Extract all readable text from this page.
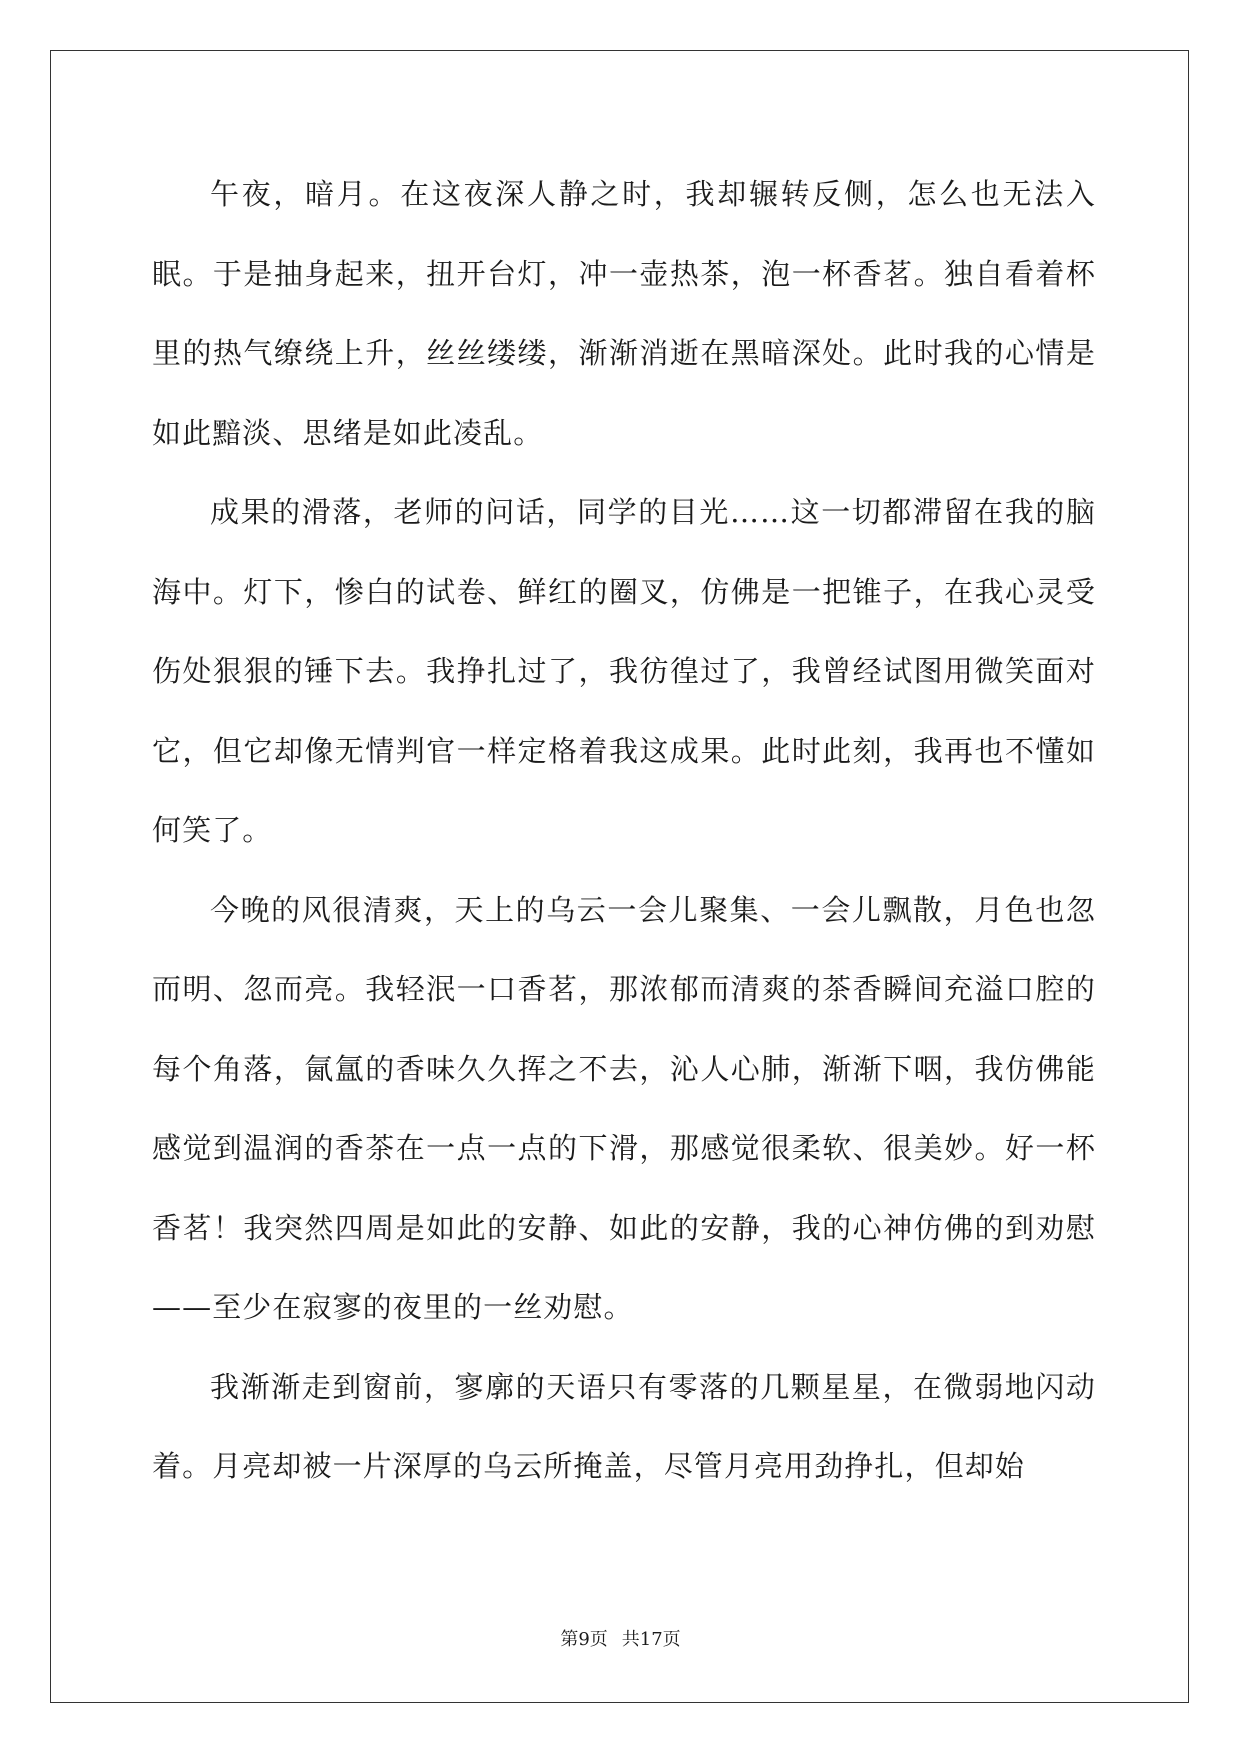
午夜，暗月。在这夜深人静之时，我却辗转反侧，怎么也无法入眠。于是抽身起来，扭开台灯，冲一壶热茶，泡一杯香茗。独自看着杯里的热气缭绕上升，丝丝缕缕，渐渐消逝在黑暗深处。此时我的心情是如此黯淡、思绪是如此凌乱。

成果的滑落，老师的问话，同学的目光……这一切都滞留在我的脑海中。灯下，惨白的试卷、鲜红的圈叉，仿佛是一把锥子，在我心灵受伤处狠狠的锤下去。我挣扎过了，我彷徨过了，我曾经试图用微笑面对它，但它却像无情判官一样定格着我这成果。此时此刻，我再也不懂如何笑了。

今晚的风很清爽，天上的乌云一会儿聚集、一会儿飘散，月色也忽而明、忽而亮。我轻泯一口香茗，那浓郁而清爽的茶香瞬间充溢口腔的每个角落，氤氲的香味久久挥之不去，沁人心肺，渐渐下咽，我仿佛能感觉到温润的香茶在一点一点的下滑，那感觉很柔软、很美妙。好一杯香茗！我突然四周是如此的安静、如此的安静，我的心神仿佛的到劝慰——至少在寂寥的夜里的一丝劝慰。

我渐渐走到窗前，寥廓的天语只有零落的几颗星星，在微弱地闪动着。月亮却被一片深厚的乌云所掩盖，尽管月亮用劲挣扎，但却始

第9页 共17页
